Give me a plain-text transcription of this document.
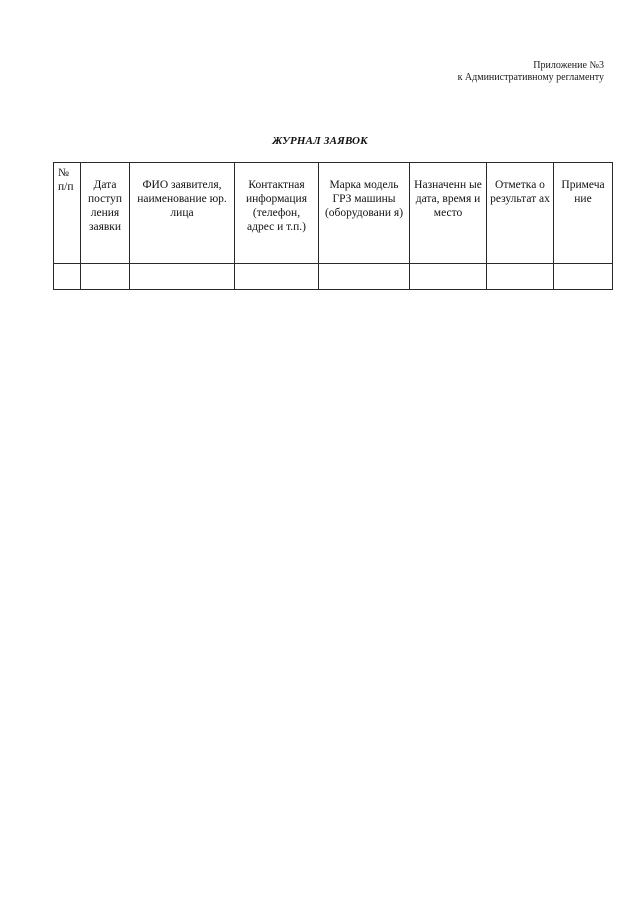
Приложение №3
к Административному регламенту
ЖУРНАЛ ЗАЯВОК
№ п/п	Дата поступ ления заявки	ФИО заявителя, наименование юр. лица	Контактная информация (телефон, адрес и т.п.)	Марка модель ГРЗ машины (оборудовани я)	Назначенн ые дата, время и место	Отметка о результат ах	Примеча ние
